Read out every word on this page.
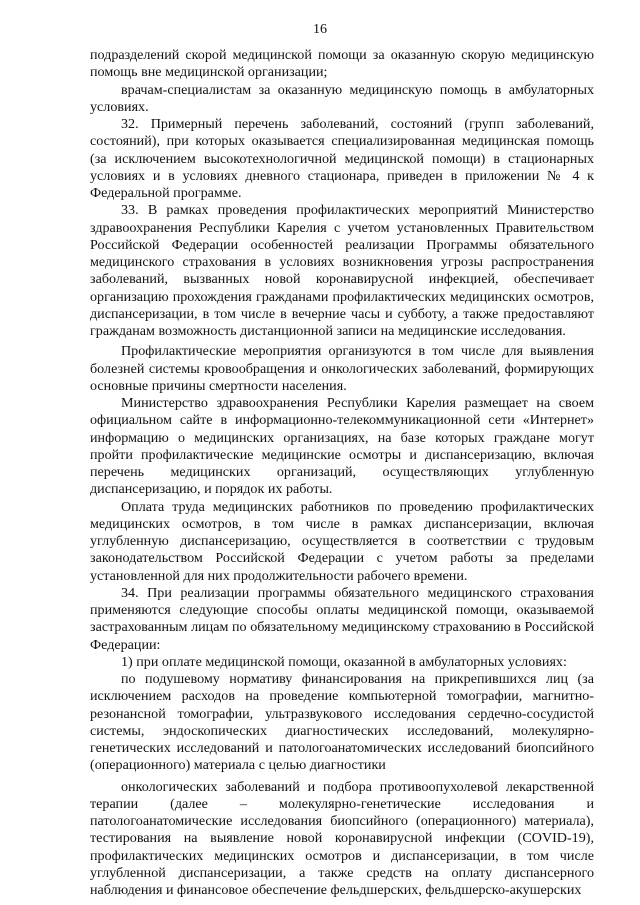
16

подразделений скорой медицинской помощи за оказанную скорую медицинскую помощь вне медицинской организации;

врачам-специалистам за оказанную медицинскую помощь в амбулаторных условиях.

32. Примерный перечень заболеваний, состояний (групп заболеваний, состояний), при которых оказывается специализированная медицинская помощь (за исключением высокотехнологичной медицинской помощи) в стационарных условиях и в условиях дневного стационара, приведен в приложении № 4 к Федеральной программе.

33. В рамках проведения профилактических мероприятий Министерство здравоохранения Республики Карелия с учетом установленных Правительством Российской Федерации особенностей реализации Программы обязательного медицинского страхования в условиях возникновения угрозы распространения заболеваний, вызванных новой коронавирусной инфекцией, обеспечивает организацию прохождения гражданами профилактических медицинских осмотров, диспансеризации, в том числе в вечерние часы и субботу, а также предоставляют гражданам возможность дистанционной записи на медицинские исследования.

Профилактические мероприятия организуются в том числе для выявления болезней системы кровообращения и онкологических заболеваний, формирующих основные причины смертности населения.

Министерство здравоохранения Республики Карелия размещает на своем официальном сайте в информационно-телекоммуникационной сети «Интернет» информацию о медицинских организациях, на базе которых граждане могут пройти профилактические медицинские осмотры и диспансеризацию, включая перечень медицинских организаций, осуществляющих углубленную диспансеризацию, и порядок их работы.

Оплата труда медицинских работников по проведению профилактических медицинских осмотров, в том числе в рамках диспансеризации, включая углубленную диспансеризацию, осуществляется в соответствии с трудовым законодательством Российской Федерации с учетом работы за пределами установленной для них продолжительности рабочего времени.

34. При реализации программы обязательного медицинского страхования применяются следующие способы оплаты медицинской помощи, оказываемой застрахованным лицам по обязательному медицинскому страхованию в Российской Федерации:

1) при оплате медицинской помощи, оказанной в амбулаторных условиях:

по подушевому нормативу финансирования на прикрепившихся лиц (за исключением расходов на проведение компьютерной томографии, магнитно-резонансной томографии, ультразвукового исследования сердечно-сосудистой системы, эндоскопических диагностических исследований, молекулярно-генетических исследований и патологоанатомических исследований биопсийного (операционного) материала с целью диагностики

онкологических заболеваний и подбора противоопухолевой лекарственной терапии (далее – молекулярно-генетические исследования и патологоанатомические исследования биопсийного (операционного) материала), тестирования на выявление новой коронавирусной инфекции (COVID-19), профилактических медицинских осмотров и диспансеризации, в том числе углубленной диспансеризации, а также средств на оплату диспансерного наблюдения и финансовое обеспечение фельдшерских, фельдшерско-акушерских
